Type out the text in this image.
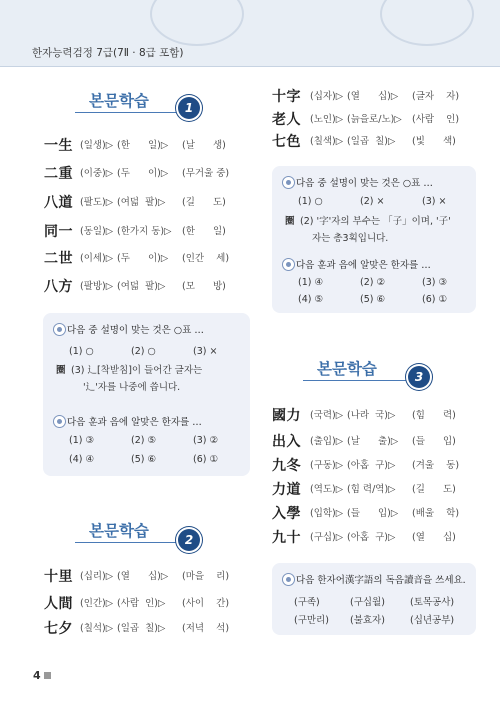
한자능력검정 7급(7Ⅱ · 8급 포함)
본문학습	1
一生 (일생)▷ (한      일)▷ (날      생)
二重 (이중)▷ (두      이)▷ (무거울 중)
八道 (팔도)▷ (여덟  팔)▷ (길      도)
同一 (동일)▷ (한가지 동)▷ (한      일)
二世 (이세)▷ (두      이)▷ (인간    세)
八方 (팔방)▷ (여덟  팔)▷ (모      방)
다음 중 설명이 맞는 것은 ○표 …
(1) ○	(2) ○	(3) ×
圈 (3) ⻌[착받침]이 들어간 글자는
'⻌'자를 나중에 씁니다.
다음 훈과 음에 알맞은 한자를 …
(1) ③	(2) ⑤	(3) ②
(4) ④	(5) ⑥	(6) ①
본문학습	2
十里 (십리)▷ (열      십)▷ (마을    리)
人間 (인간)▷ (사람  인)▷ (사이    간)
七夕 (칠석)▷ (일곱  칠)▷ (저녁    석)
十字 (십자)▷ (열      십)▷ (글자    자)
老人 (노인)▷ (늙을로/노)▷ (사람    인)
七色 (칠색)▷ (일곱  칠)▷ (빛      색)
다음 중 설명이 맞는 것은 ○표 …
(1) ○	(2) ×	(3) ×
圈 (2) '字'자의 부수는 「子」이며, '子'
자는 총3획입니다.
다음 훈과 음에 알맞은 한자를 …
(1) ④	(2) ②	(3) ③
(4) ⑤	(5) ⑥	(6) ①
본문학습	3
國力 (국력)▷ (나라  국)▷ (힘      력)
出入 (출입)▷ (날      출)▷ (들      입)
九冬 (구동)▷ (아홉  구)▷ (겨울    동)
力道 (역도)▷ (힘 력/역)▷ (길      도)
入學 (입학)▷ (들      입)▷ (배울    학)
九十 (구십)▷ (아홉  구)▷ (열      십)
다음 한자어漢字語의 독음讀音을 쓰세요.
(구족)	(구십월)	(토목공사)
(구만리) (불효자)	(십년공부)
4
